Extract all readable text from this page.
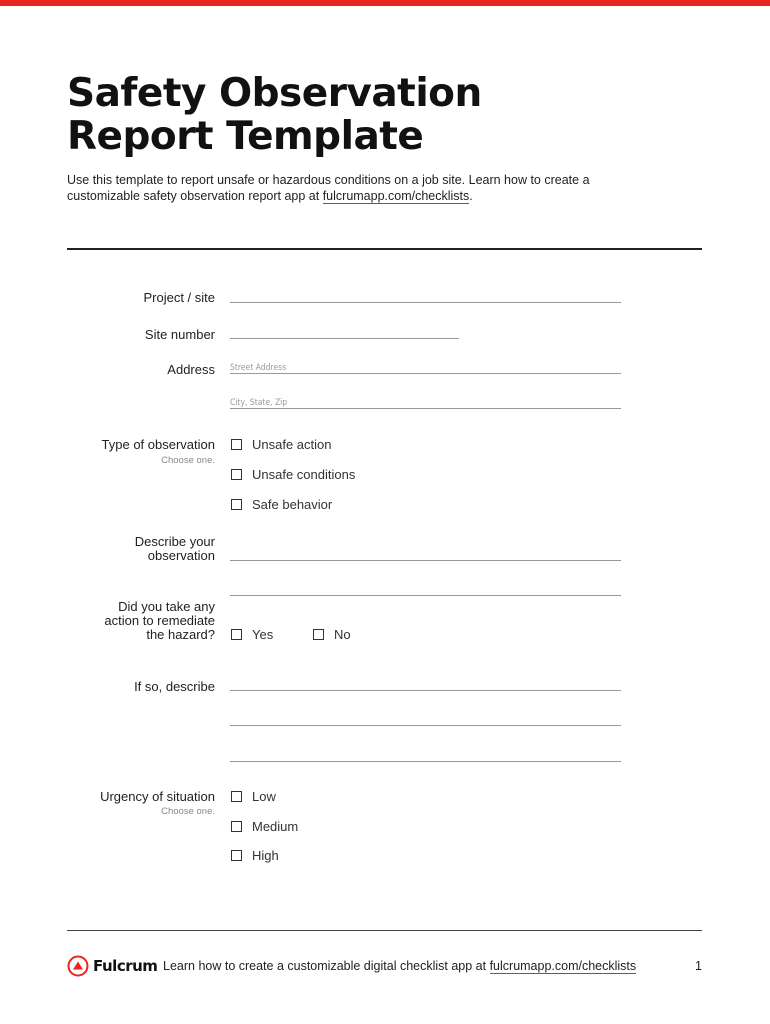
Safety Observation
Report Template
Use this template to report unsafe or hazardous conditions on a job site. Learn how to create a
customizable safety observation report app at fulcrumapp.com/checklists.
Project / site
Site number
Address Street Address
City, State, Zip
Type of observation
Choose one.
Unsafe action
Unsafe conditions
Safe behavior
Describe your
observation
Did you take any
action to remediate
the hazard?	Yes	No
If so, describe
Urgency of situation
Choose one.
Low
Medium
High
Fulcrum Learn how to create a customizable digital checklist app at fulcrumapp.com/checklists	1
